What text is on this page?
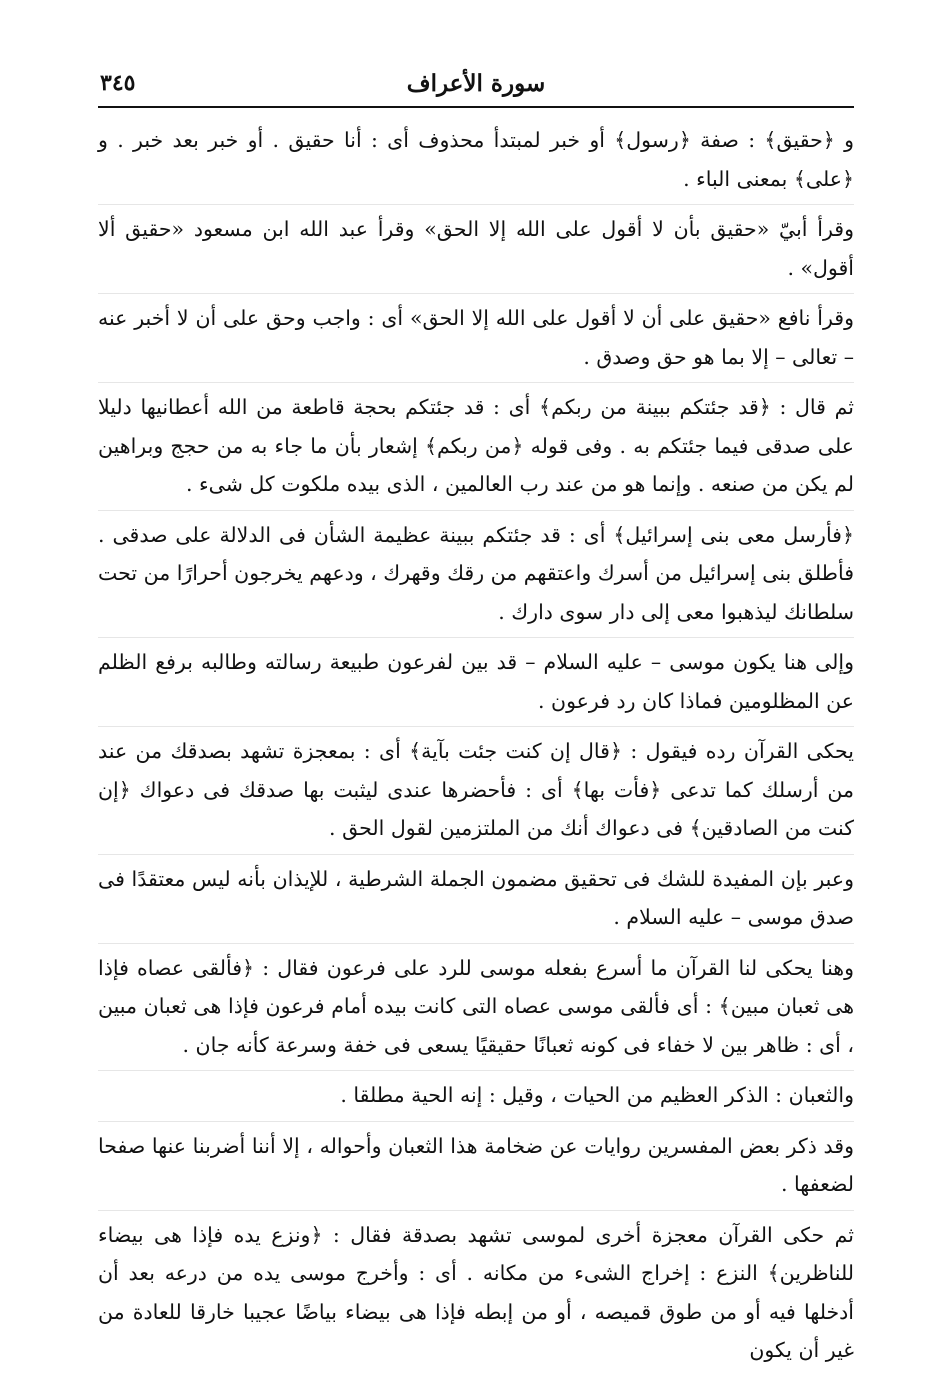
سورة الأعراف
٣٤٥

و ﴿حقيق﴾ : صفة ﴿رسول﴾ أو خبر لمبتدأ محذوف أى : أنا حقيق . أو خبر بعد خبر . و ﴿على﴾ بمعنى الباء .

وقرأ أبيّ «حقيق بأن لا أقول على الله إلا الحق» وقرأ عبد الله ابن مسعود «حقيق ألا أقول» .

وقرأ نافع «حقيق على أن لا أقول على الله إلا الحق» أى : واجب وحق على أن لا أخبر عنه – تعالى – إلا بما هو حق وصدق .

ثم قال : ﴿قد جئتكم ببينة من ربكم﴾ أى : قد جئتكم بحجة قاطعة من الله أعطانيها دليلا على صدقى فيما جئتكم به . وفى قوله ﴿من ربكم﴾ إشعار بأن ما جاء به من حجج وبراهين لم يكن من صنعه . وإنما هو من عند رب العالمين ، الذى بيده ملكوت كل شىء .

﴿فأرسل معى بنى إسرائيل﴾ أى : قد جئتكم ببينة عظيمة الشأن فى الدلالة على صدقى . فأطلق بنى إسرائيل من أسرك واعتقهم من رقك وقهرك ، ودعهم يخرجون أحرارًا من تحت سلطانك ليذهبوا معى إلى دار سوى دارك .

وإلى هنا يكون موسى – عليه السلام – قد بين لفرعون طبيعة رسالته وطالبه برفع الظلم عن المظلومين فماذا كان رد فرعون .

يحكى القرآن رده فيقول : ﴿قال إن كنت جئت بآية﴾ أى : بمعجزة تشهد بصدقك من عند من أرسلك كما تدعى ﴿فأت بها﴾ أى : فأحضرها عندى ليثبت بها صدقك فى دعواك ﴿إن كنت من الصادقين﴾ فى دعواك أنك من الملتزمين لقول الحق .

وعبر بإن المفيدة للشك فى تحقيق مضمون الجملة الشرطية ، للإيذان بأنه ليس معتقدًا فى صدق موسى – عليه السلام .

وهنا يحكى لنا القرآن ما أسرع بفعله موسى للرد على فرعون فقال : ﴿فألقى عصاه فإذا هى ثعبان مبين﴾ : أى فألقى موسى عصاه التى كانت بيده أمام فرعون فإذا هى ثعبان مبين ، أى : ظاهر بين لا خفاء فى كونه ثعبانًا حقيقيًا يسعى فى خفة وسرعة كأنه جان .

والثعبان : الذكر العظيم من الحيات ، وقيل : إنه الحية مطلقا .

وقد ذكر بعض المفسرين روايات عن ضخامة هذا الثعبان وأحواله ، إلا أننا أضربنا عنها صفحا لضعفها .

ثم حكى القرآن معجزة أخرى لموسى تشهد بصدقة فقال : ﴿ونزع يده فإذا هى بيضاء للناظرين﴾ النزع : إخراج الشىء من مكانه . أى : وأخرج موسى يده من درعه بعد أن أدخلها فيه أو من طوق قميصه ، أو من إبطه فإذا هى بيضاء بياضًا عجيبا خارقا للعادة من غير أن يكون
